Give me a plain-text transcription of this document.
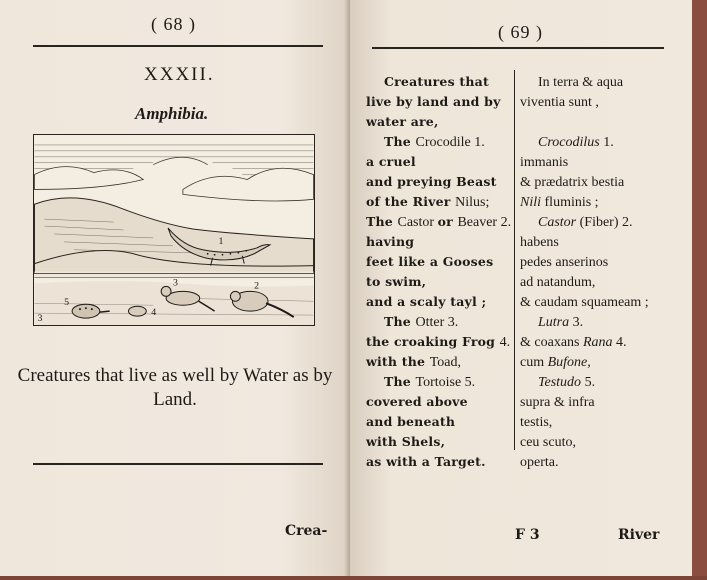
( 68 )
XXXII.
Amphibia.
1
2
3
3
4
5
Creatures that live as well by Water as by Land.
Crea-
( 69 )
F 3	River
Creatures that
live by land and by
water are,
The Crocodile 1.
a cruel
and preying Beast
of the River Nilus;
The Castor or Beaver 2.
having
feet like a Gooses
to swim,
and a scaly tayl ;
The Otter 3.
the croaking Frog 4.
with the Toad,
The Tortoise 5.
covered above
and beneath
with Shels,
as with a Target.
In terra & aqua
viventia sunt ,

Crocodilus 1.
immanis
& prædatrix bestia
Nili fluminis ;
Castor (Fiber) 2.
habens
pedes anserinos
ad natandum,
& caudam squameam ;
Lutra 3.
& coaxans Rana 4.
cum Bufone,
Testudo 5.
supra & infra
testis,
ceu scuto,
operta.
